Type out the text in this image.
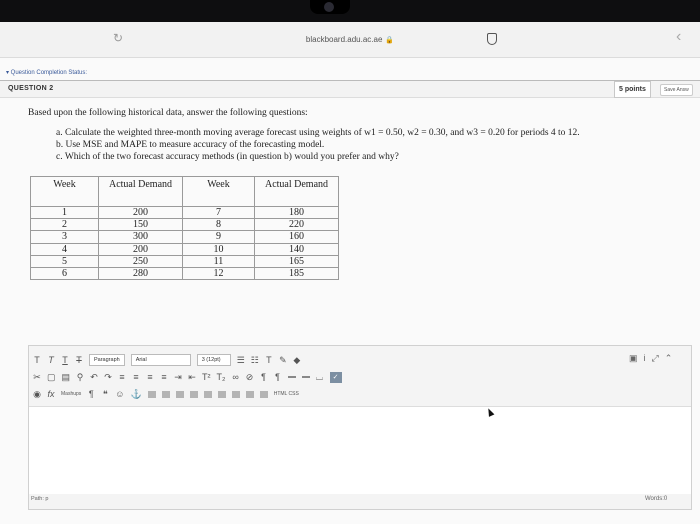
↻	blackboard.adu.ac.ae 🔒	‹
▾ Question Completion Status:
QUESTION 2	5 points	Save Answ
Based upon the following historical data, answer the following questions:
a. Calculate the weighted three-month moving average forecast using weights of w1 = 0.50, w2 = 0.30, and w3 = 0.20 for periods 4 to 12.
b. Use MSE and MAPE to measure accuracy of the forecasting model.
c. Which of the two forecast accuracy methods (in question b) would you prefer and why?
Week	Actual Demand	Week	Actual Demand
1	200	7	180
2	150	8	220
3	300	9	160
4	200	10	140
5	250	11	165
6	280	12	185
T T T T	Paragraph	Arial	3 (12pt)	☰ ☷ T ✎ ◆	▣ i ⤢ ⌃
✂ ▢ ▤ ⚲ ↶ ↷ ≡ ≡ ≡ ≡ ⇥ ⇤ T² T₂ ∞ ⊘ ¶ ¶	⌴	✓
◉ fx Mashups ¶ ❝ ☺ ⚓	HTML CSS
Path: p	Words:0
